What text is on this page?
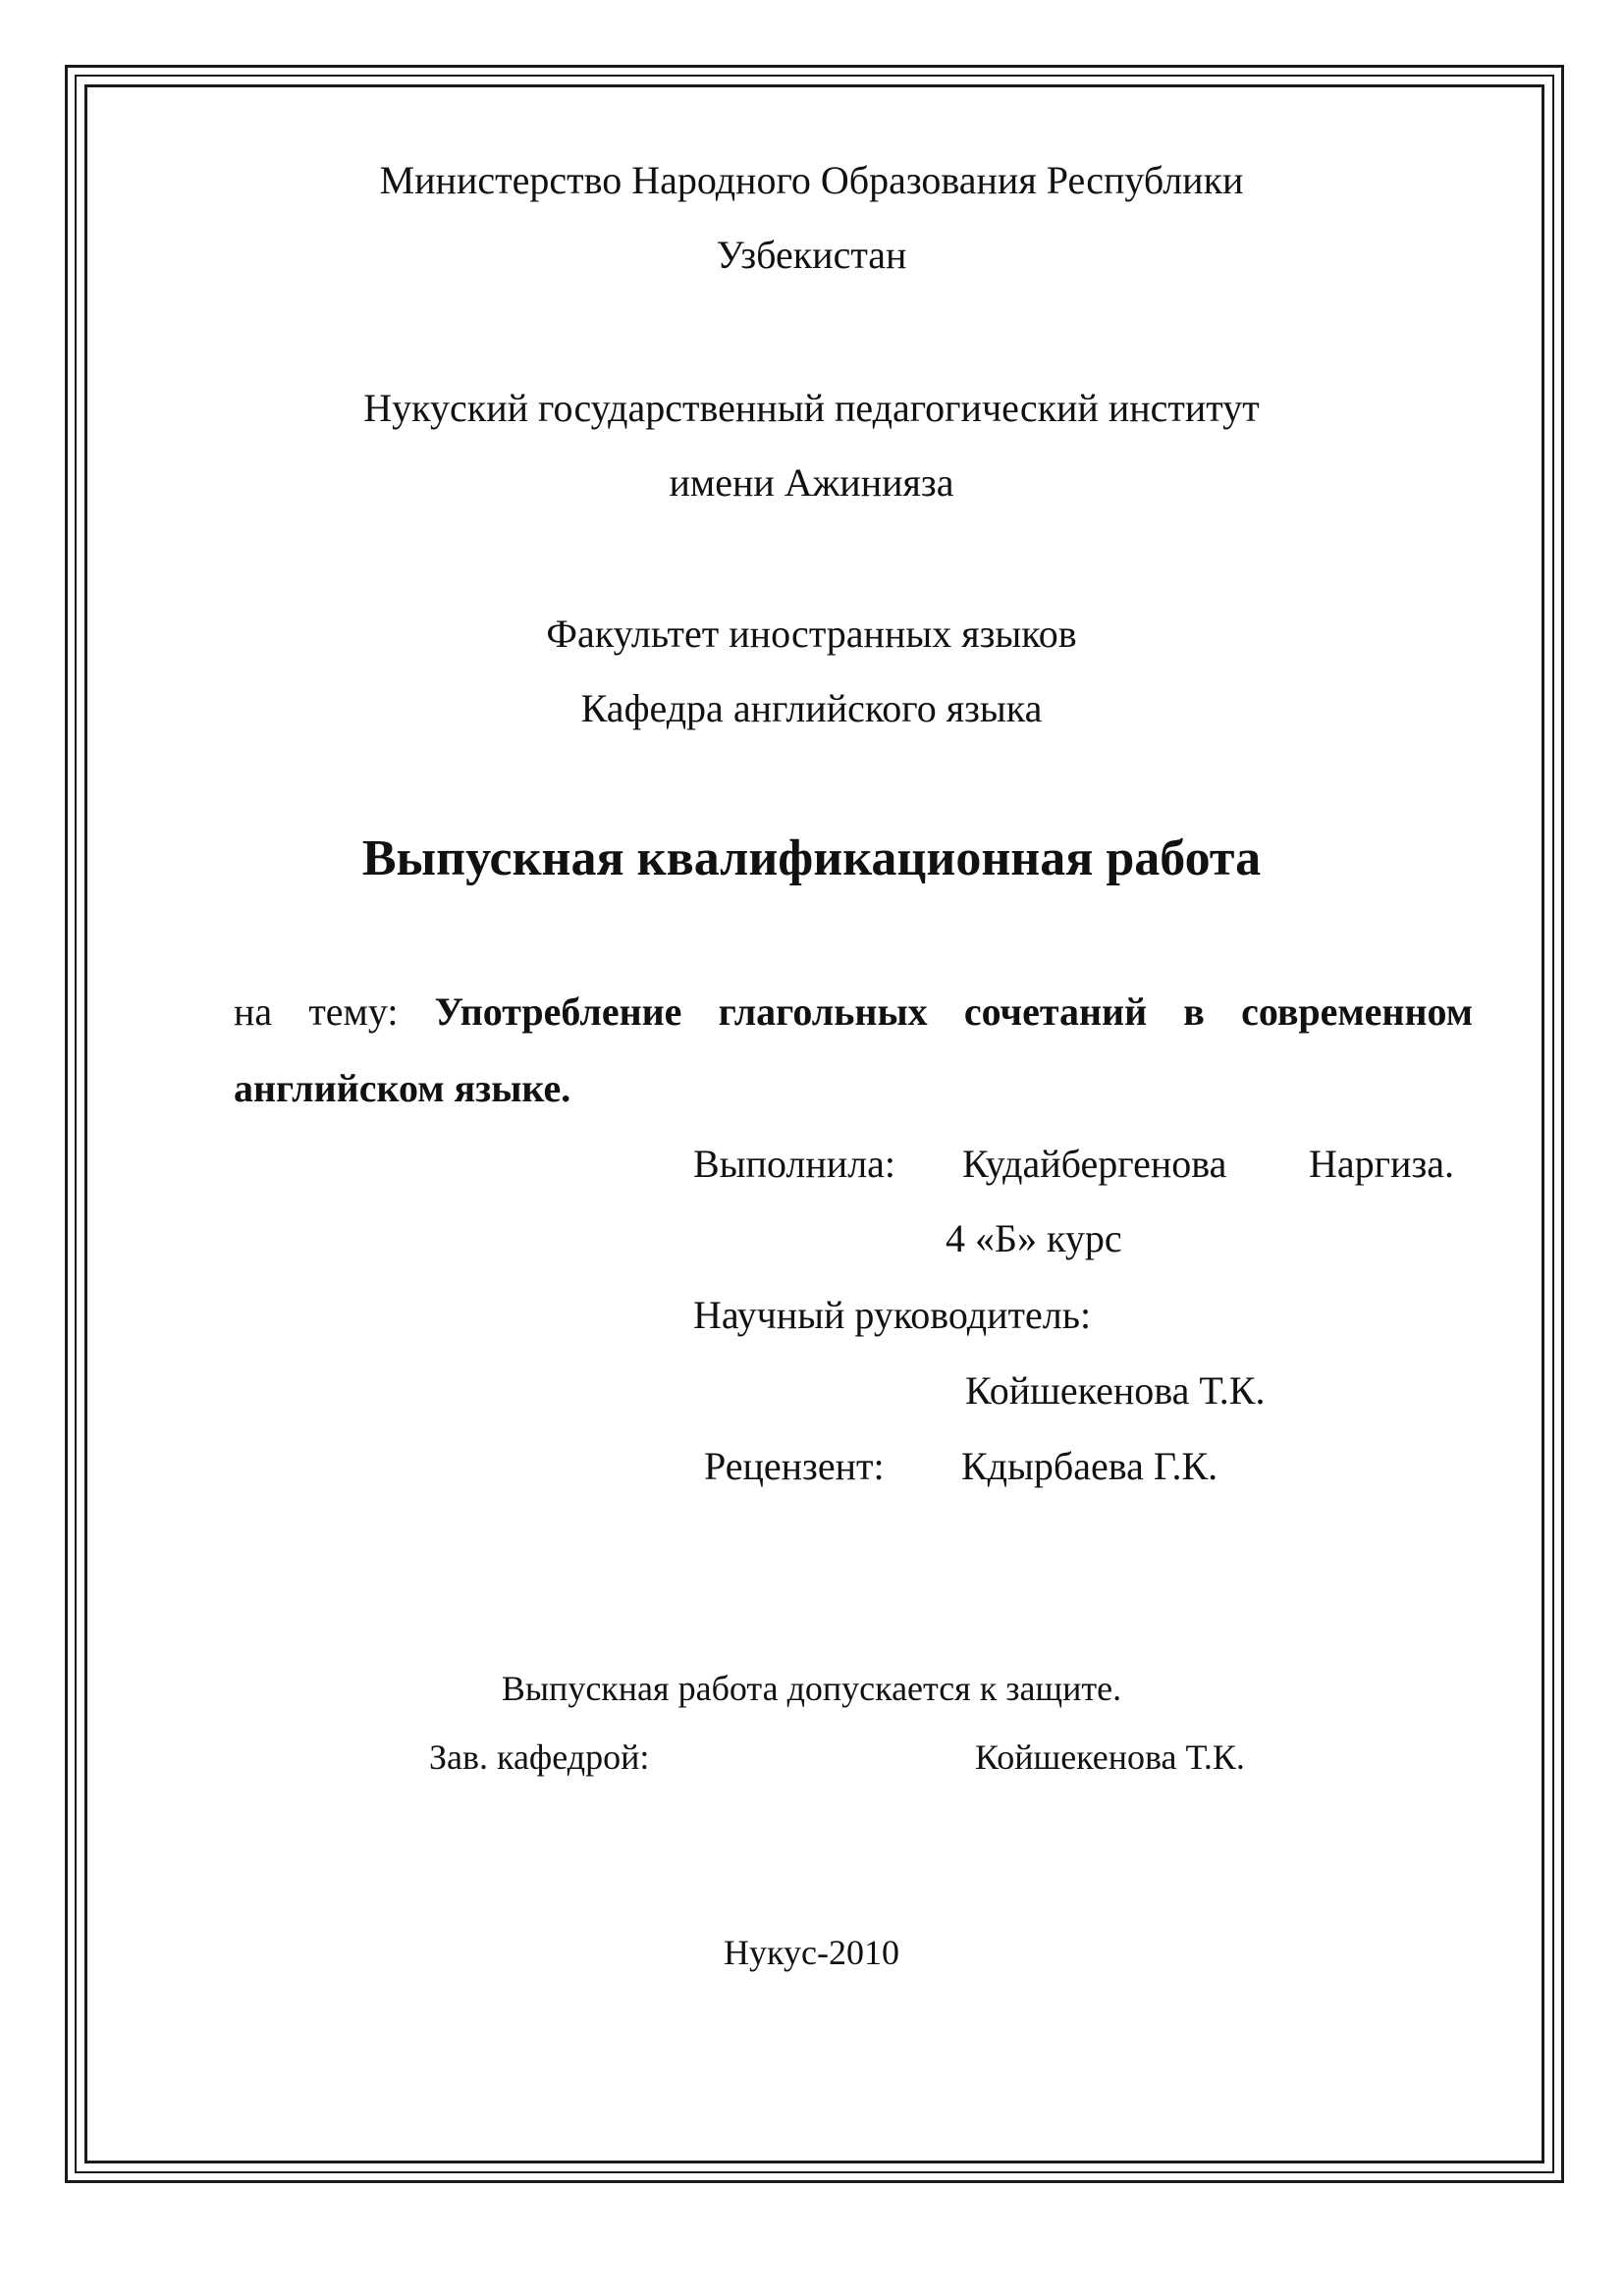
Министерство Народного Образования Республики
Узбекистан
Нукуский государственный педагогический институт
имени Ажинияза
Факультет иностранных языков
Кафедра английского языка
Выпускная квалификационная работа
на тему: Употребление глагольных сочетаний в современном английском языке.
Выполнила: Кудайбергенова Наргиза.
4 «Б» курс
Научный руководитель:
Койшекенова Т.К.
Рецензент: Кдырбаева Г.К.
Выпускная работа допускается к защите.
Зав. кафедрой:	Койшекенова Т.К.
Нукус-2010
